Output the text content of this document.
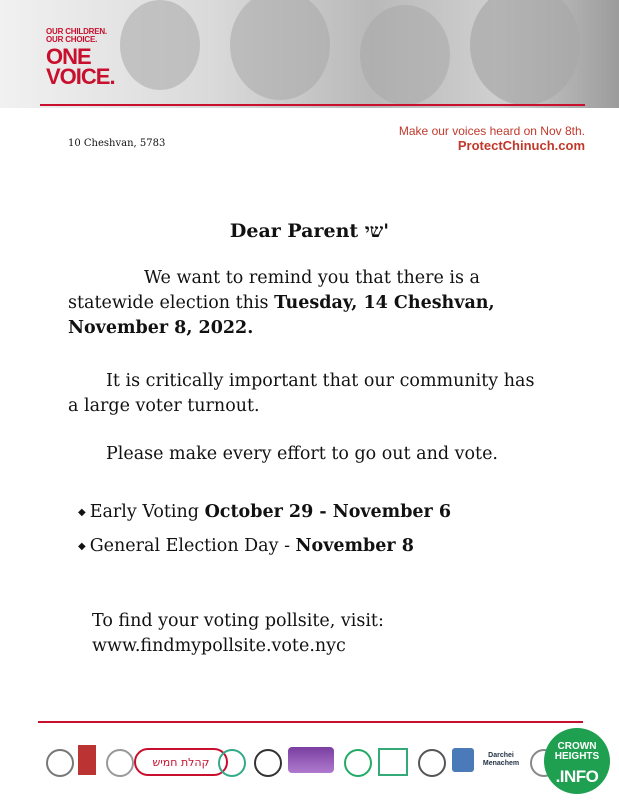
OUR CHILDREN.
OUR CHOICE.
ONE
VOICE.
10 Cheshvan, 5783
Make our voices heard on Nov 8th.
ProtectChinuch.com
Dear Parent שי'
We want to remind you that there is a statewide election this Tuesday, 14 Cheshvan, November 8, 2022.
It is critically important that our community has a large voter turnout.
Please make every effort to go out and vote.
◆ Early Voting October 29 - November 6
◆ General Election Day - November 8
To find your voting pollsite, visit:
www.findmypollsite.vote.nyc
קהלת חמיש	Darchei Menachem
CROWN HEIGHTS
.INFO
